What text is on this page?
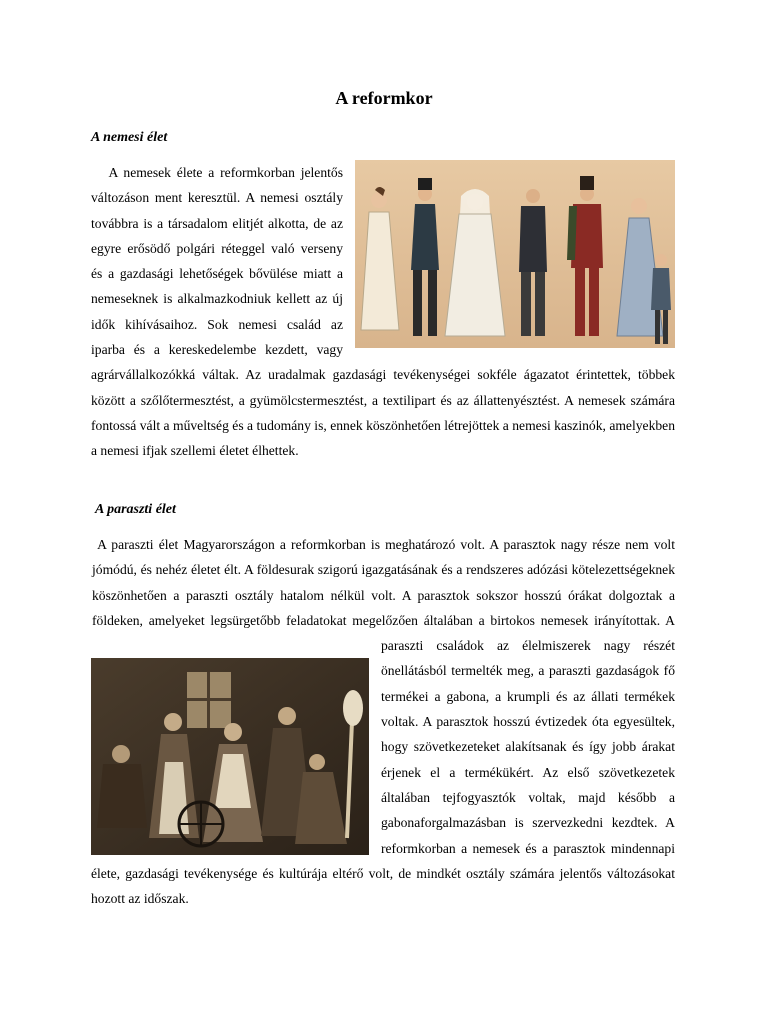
A reformkor
A nemesi élet

A nemesek élete a reformkorban jelentős változáson ment keresztül. A nemesi osztály továbbra is a társadalom elitjét alkotta, de az egyre erősödő polgári réteggel való verseny és a gazdasági lehetőségek bővülése miatt a nemeseknek is alkalmazkodniuk kellett az új idők kihívásaihoz. Sok nemesi család az iparba és a kereskedelembe kezdett, vagy agrárvállalkozókká váltak. Az uradalmak gazdasági tevékenységei sokféle ágazatot érintettek, többek között a szőlőtermesztést, a gyümölcstermesztést, a textilipart és az állattenyésztést. A nemesek számára fontossá vált a műveltség és a tudomány is, ennek köszönhetően létrejöttek a nemesi kaszinók, amelyekben a nemesi ifjak szellemi életet élhettek.

A paraszti élet

A paraszti élet Magyarországon a reformkorban is meghatározó volt. A parasztok nagy része nem volt jómódú, és nehéz életet élt. A földesurak szigorú igazgatásának és a rendszeres adózási kötelezettségeknek köszönhetően a paraszti osztály hatalom nélkül volt. A parasztok sokszor hosszú órákat dolgoztak a földeken, amelyeket legsürgetőbb feladatokat megelőzően általában a birtokos nemesek irányítottak. A paraszti családok az élelmiszerek nagy részét önellátásból termelték meg, a paraszti gazdaságok fő termékei a gabona, a krumpli és az állati termékek voltak. A parasztok hosszú évtizedek óta egyesültek, hogy szövetkezeteket alakítsanak és így jobb árakat érjenek el a termékükért. Az első szövetkezetek általában tejfogyasztók voltak, majd később a gabonaforgalmazásban is szervezkedni kezdtek. A reformkorban a nemesek és a parasztok mindennapi élete, gazdasági tevékenysége és kultúrája eltérő volt, de mindkét osztály számára jelentős változásokat hozott az időszak.
